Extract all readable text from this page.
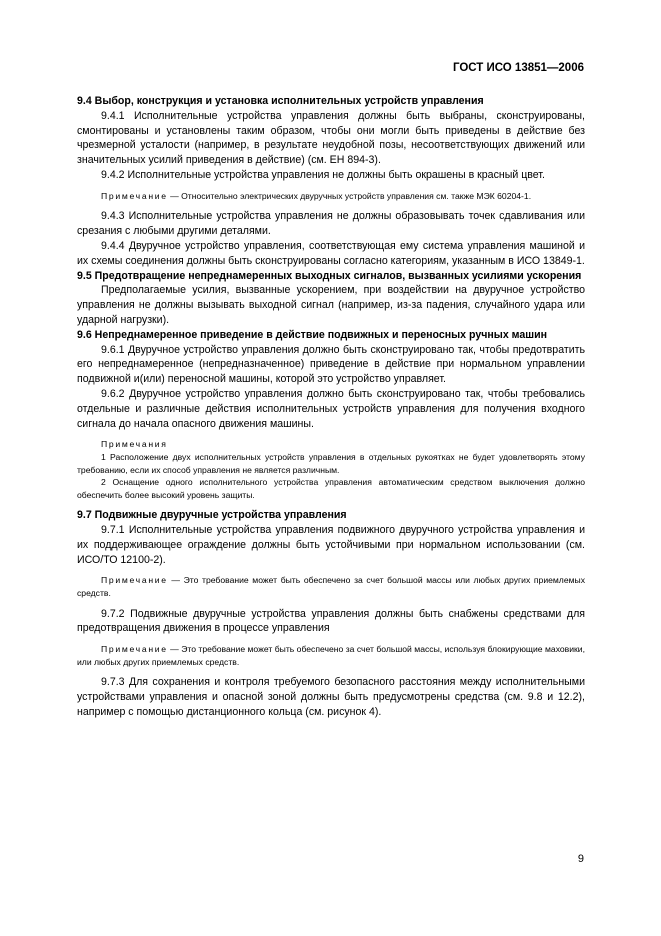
ГОСТ ИСО 13851—2006

9.4 Выбор, конструкция и установка исполнительных устройств управления

9.4.1 Исполнительные устройства управления должны быть выбраны, сконструированы, смонтированы и установлены таким образом, чтобы они могли быть приведены в действие без чрезмерной усталости (например, в результате неудобной позы, несоответствующих движений или значительных усилий приведения в действие) (см. ЕН 894-3).

9.4.2 Исполнительные устройства управления не должны быть окрашены в красный цвет.

Примечание — Относительно электрических двуручных устройств управления см. также МЭК 60204-1.

9.4.3 Исполнительные устройства управления не должны образовывать точек сдавливания или срезания с любыми другими деталями.

9.4.4 Двуручное устройство управления, соответствующая ему система управления машиной и их схемы соединения должны быть сконструированы согласно категориям, указанным в ИСО 13849-1.

9.5 Предотвращение непреднамеренных выходных сигналов, вызванных усилиями ускорения

Предполагаемые усилия, вызванные ускорением, при воздействии на двуручное устройство управления не должны вызывать выходной сигнал (например, из-за падения, случайного удара или ударной нагрузки).

9.6 Непреднамеренное приведение в действие подвижных и переносных ручных машин

9.6.1 Двуручное устройство управления должно быть сконструировано так, чтобы предотвратить его непреднамеренное (непредназначенное) приведение в действие при нормальном управлении подвижной и(или) переносной машины, которой это устройство управляет.

9.6.2 Двуручное устройство управления должно быть сконструировано так, чтобы требовались отдельные и различные действия исполнительных устройств управления для получения входного сигнала до начала опасного движения машины.

Примечания

1 Расположение двух исполнительных устройств управления в отдельных рукоятках не будет удовлетворять этому требованию, если их способ управления не является различным.

2 Оснащение одного исполнительного устройства управления автоматическим средством выключения должно обеспечить более высокий уровень защиты.

9.7 Подвижные двуручные устройства управления

9.7.1 Исполнительные устройства управления подвижного двуручного устройства управления и их поддерживающее ограждение должны быть устойчивыми при нормальном использовании (см. ИСО/ТО 12100-2).

Примечание — Это требование может быть обеспечено за счет большой массы или любых других приемлемых средств.

9.7.2 Подвижные двуручные устройства управления должны быть снабжены средствами для предотвращения движения в процессе управления

Примечание — Это требование может быть обеспечено за счет большой массы, используя блокирующие маховики, или любых других приемлемых средств.

9.7.3 Для сохранения и контроля требуемого безопасного расстояния между исполнительными устройствами управления и опасной зоной должны быть предусмотрены средства (см. 9.8 и 12.2), например с помощью дистанционного кольца (см. рисунок 4).

9
